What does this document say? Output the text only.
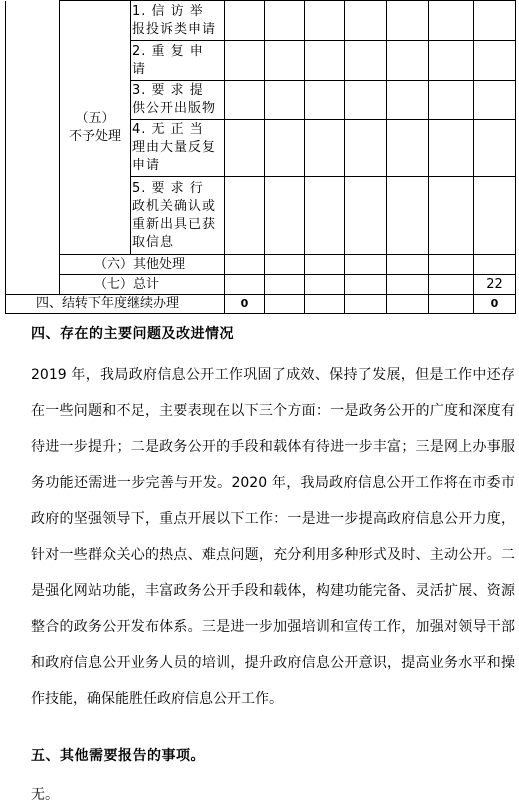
	（五）
不予处理	1. 信 访 举
报投诉类申请							

		2. 重 复 申
请							

		3. 要 求 提
供公开出版物							

		4. 无 正 当
理由大量反复
申请							

		5. 要 求 行
政机关确认或
重新出具已获
取信息							

	（六）其他处理								
	（七）总计								22
四、结转下年度继续办理			0						0
四、存在的主要问题及改进情况
2019 年，我局政府信息公开工作巩固了成效、保持了发展，但是工作中还存在一些问题和不足，主要表现在以下三个方面：一是政务公开的广度和深度有待进一步提升；二是政务公开的手段和载体有待进一步丰富；三是网上办事服务功能还需进一步完善与开发。2020 年，我局政府信息公开工作将在市委市政府的坚强领导下，重点开展以下工作：一是进一步提高政府信息公开力度，针对一些群众关心的热点、难点问题，充分利用多种形式及时、主动公开。二是强化网站功能，丰富政务公开手段和载体，构建功能完备、灵活扩展、资源整合的政务公开发布体系。三是进一步加强培训和宣传工作，加强对领导干部和政府信息公开业务人员的培训，提升政府信息公开意识，提高业务水平和操作技能，确保能胜任政府信息公开工作。
五、其他需要报告的事项。
无。
